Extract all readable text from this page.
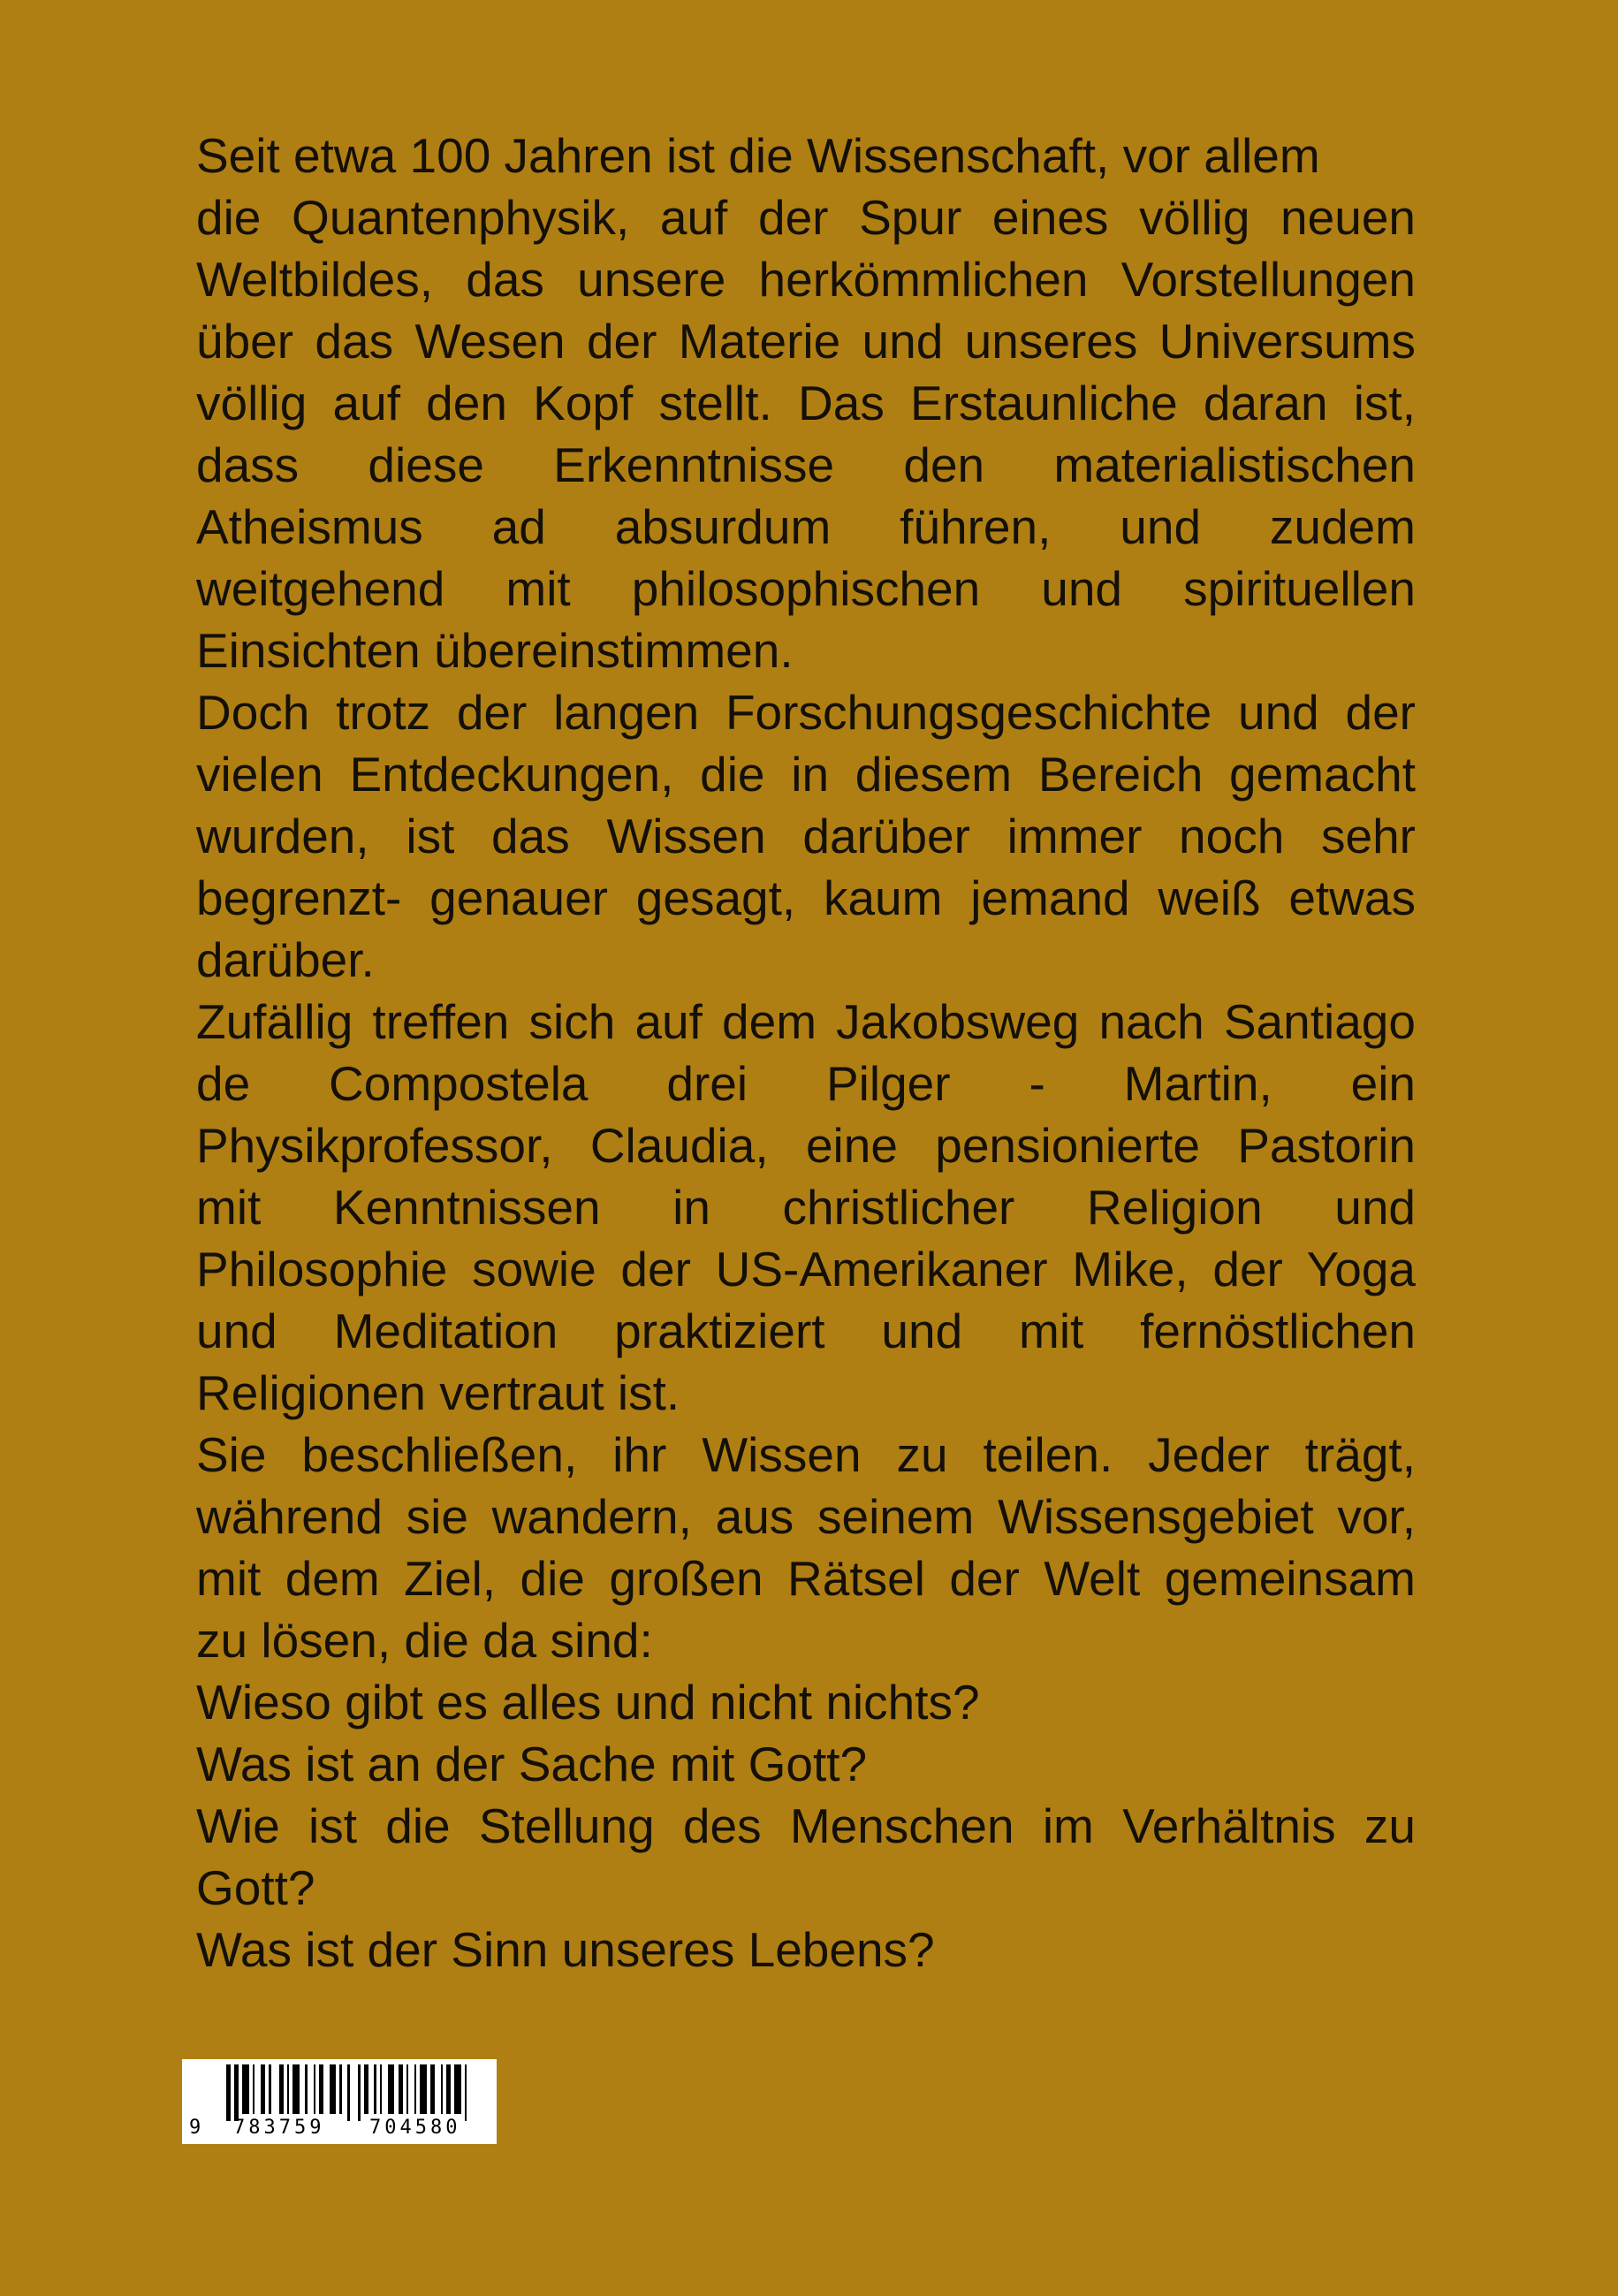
Seit etwa 100 Jahren ist die Wissenschaft, vor allem
die Quantenphysik, auf der Spur eines völlig neuen
Weltbildes, das unsere herkömmlichen Vorstellungen
über das Wesen der Materie und unseres Universums
völlig auf den Kopf stellt. Das Erstaunliche daran ist,
dass diese Erkenntnisse den materialistischen
Atheismus ad absurdum führen, und zudem
weitgehend mit philosophischen und spirituellen
Einsichten übereinstimmen.
Doch trotz der langen Forschungsgeschichte und der
vielen Entdeckungen, die in diesem Bereich gemacht
wurden, ist das Wissen darüber immer noch sehr
begrenzt- genauer gesagt, kaum jemand weiß etwas
darüber.
Zufällig treffen sich auf dem Jakobsweg nach Santiago
de Compostela drei Pilger - Martin, ein
Physikprofessor, Claudia, eine pensionierte Pastorin
mit Kenntnissen in christlicher Religion und
Philosophie sowie der US-Amerikaner Mike, der Yoga
und Meditation praktiziert und mit fernöstlichen
Religionen vertraut ist.
Sie beschließen, ihr Wissen zu teilen. Jeder trägt,
während sie wandern, aus seinem Wissensgebiet vor,
mit dem Ziel, die großen Rätsel der Welt gemeinsam
zu lösen, die da sind:
Wieso gibt es alles und nicht nichts?
Was ist an der Sache mit Gott?
Wie ist die Stellung des Menschen im Verhältnis zu
Gott?
Was ist der Sinn unseres Lebens?
9 783759 704580
